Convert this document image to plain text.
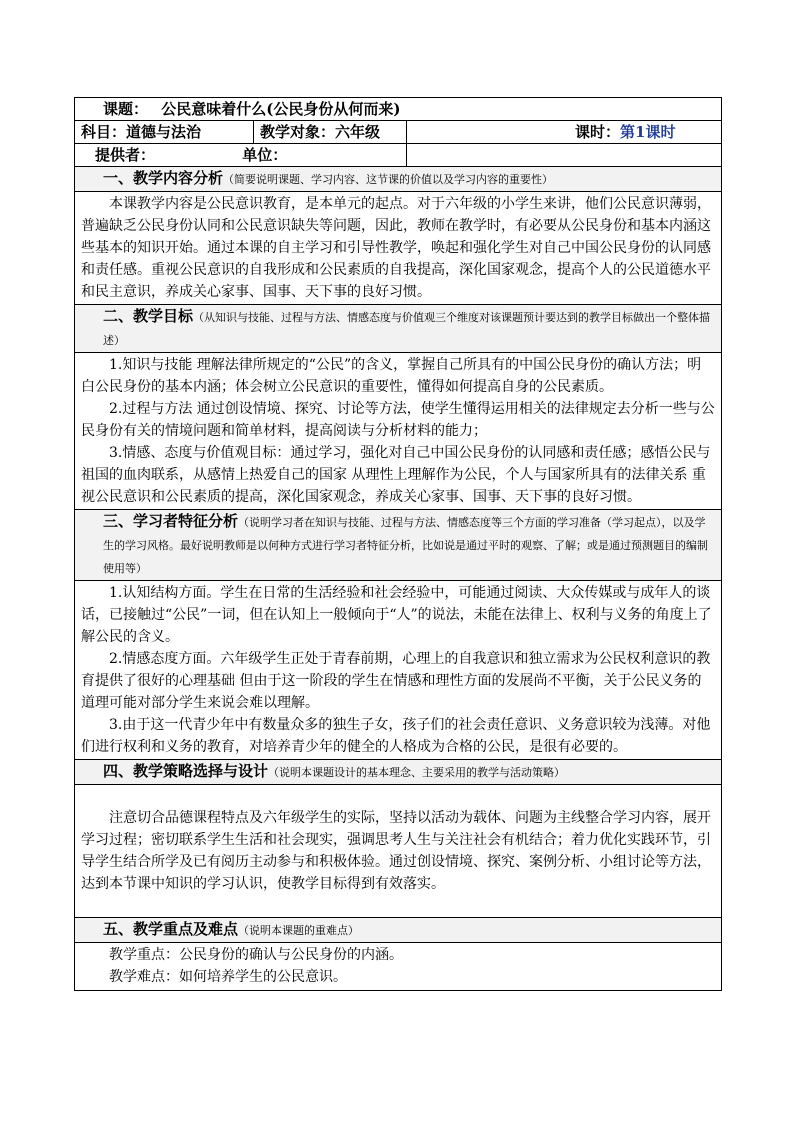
课题： 公民意味着什么(公民身份从何而来)		
科目：道德与法治	教学对象：六年级	课时：第1课时
提供者： 单位：		
一、教学内容分析（简要说明课题、学习内容、这节课的价值以及学习内容的重要性）		

本课教学内容是公民意识教育，是本单元的起点。对于六年级的小学生来讲，他们公民意识薄弱，普遍缺乏公民身份认同和公民意识缺失等问题，因此，教师在教学时，有必要从公民身份和基本内涵这些基本的知识开始。通过本课的自主学习和引导性教学，唤起和强化学生对自己中国公民身份的认同感和责任感。重视公民意识的自我形成和公民素质的自我提高，深化国家观念，提高个人的公民道德水平和民主意识，养成关心家事、国事、天下事的良好习惯。		

二、教学目标（从知识与技能、过程与方法、情感态度与价值观三个维度对该课题预计要达到的教学目标做出一个整体描述）		

1.知识与技能 理解法律所规定的“公民”的含义，掌握自己所具有的中国公民身份的确认方法；明白公民身份的基本内涵；体会树立公民意识的重要性，懂得如何提高自身的公民素质。

2.过程与方法 通过创设情境、探究、讨论等方法，使学生懂得运用相关的法律规定去分析一些与公民身份有关的情境问题和简单材料，提高阅读与分析材料的能力；

3.情感、态度与价值观目标：通过学习，强化对自己中国公民身份的认同感和责任感；感悟公民与祖国的血肉联系，从感情上热爱自己的国家 从理性上理解作为公民，个人与国家所具有的法律关系 重视公民意识和公民素质的提高，深化国家观念，养成关心家事、国事、天下事的良好习惯。		

三、学习者特征分析（说明学习者在知识与技能、过程与方法、情感态度等三个方面的学习准备（学习起点），以及学生的学习风格。最好说明教师是以何种方式进行学习者特征分析，比如说是通过平时的观察、了解；或是通过预测题目的编制使用等）		

1.认知结构方面。学生在日常的生活经验和社会经验中，可能通过阅读、大众传媒或与成年人的谈话，已接触过“公民”一词，但在认知上一般倾向于“人”的说法，未能在法律上、权利与义务的角度上了解公民的含义。

2.情感态度方面。六年级学生正处于青春前期，心理上的自我意识和独立需求为公民权利意识的教育提供了很好的心理基础 但由于这一阶段的学生在情感和理性方面的发展尚不平衡，关于公民义务的道理可能对部分学生来说会难以理解。

3.由于这一代青少年中有数量众多的独生子女，孩子们的社会责任意识、义务意识较为浅薄。对他们进行权利和义务的教育，对培养青少年的健全的人格成为合格的公民，是很有必要的。		

四、教学策略选择与设计（说明本课题设计的基本理念、主要采用的教学与活动策略）		

注意切合品德课程特点及六年级学生的实际，坚持以活动为载体、问题为主线整合学习内容，展开学习过程；密切联系学生生活和社会现实，强调思考人生与关注社会有机结合；着力优化实践环节，引导学生结合所学及已有阅历主动参与和积极体验。通过创设情境、探究、案例分析、小组讨论等方法，达到本节课中知识的学习认识，使教学目标得到有效落实。		

五、教学重点及难点（说明本课题的重难点）		

教学重点：公民身份的确认与公民身份的内涵。

教学难点：如何培养学生的公民意识。		
